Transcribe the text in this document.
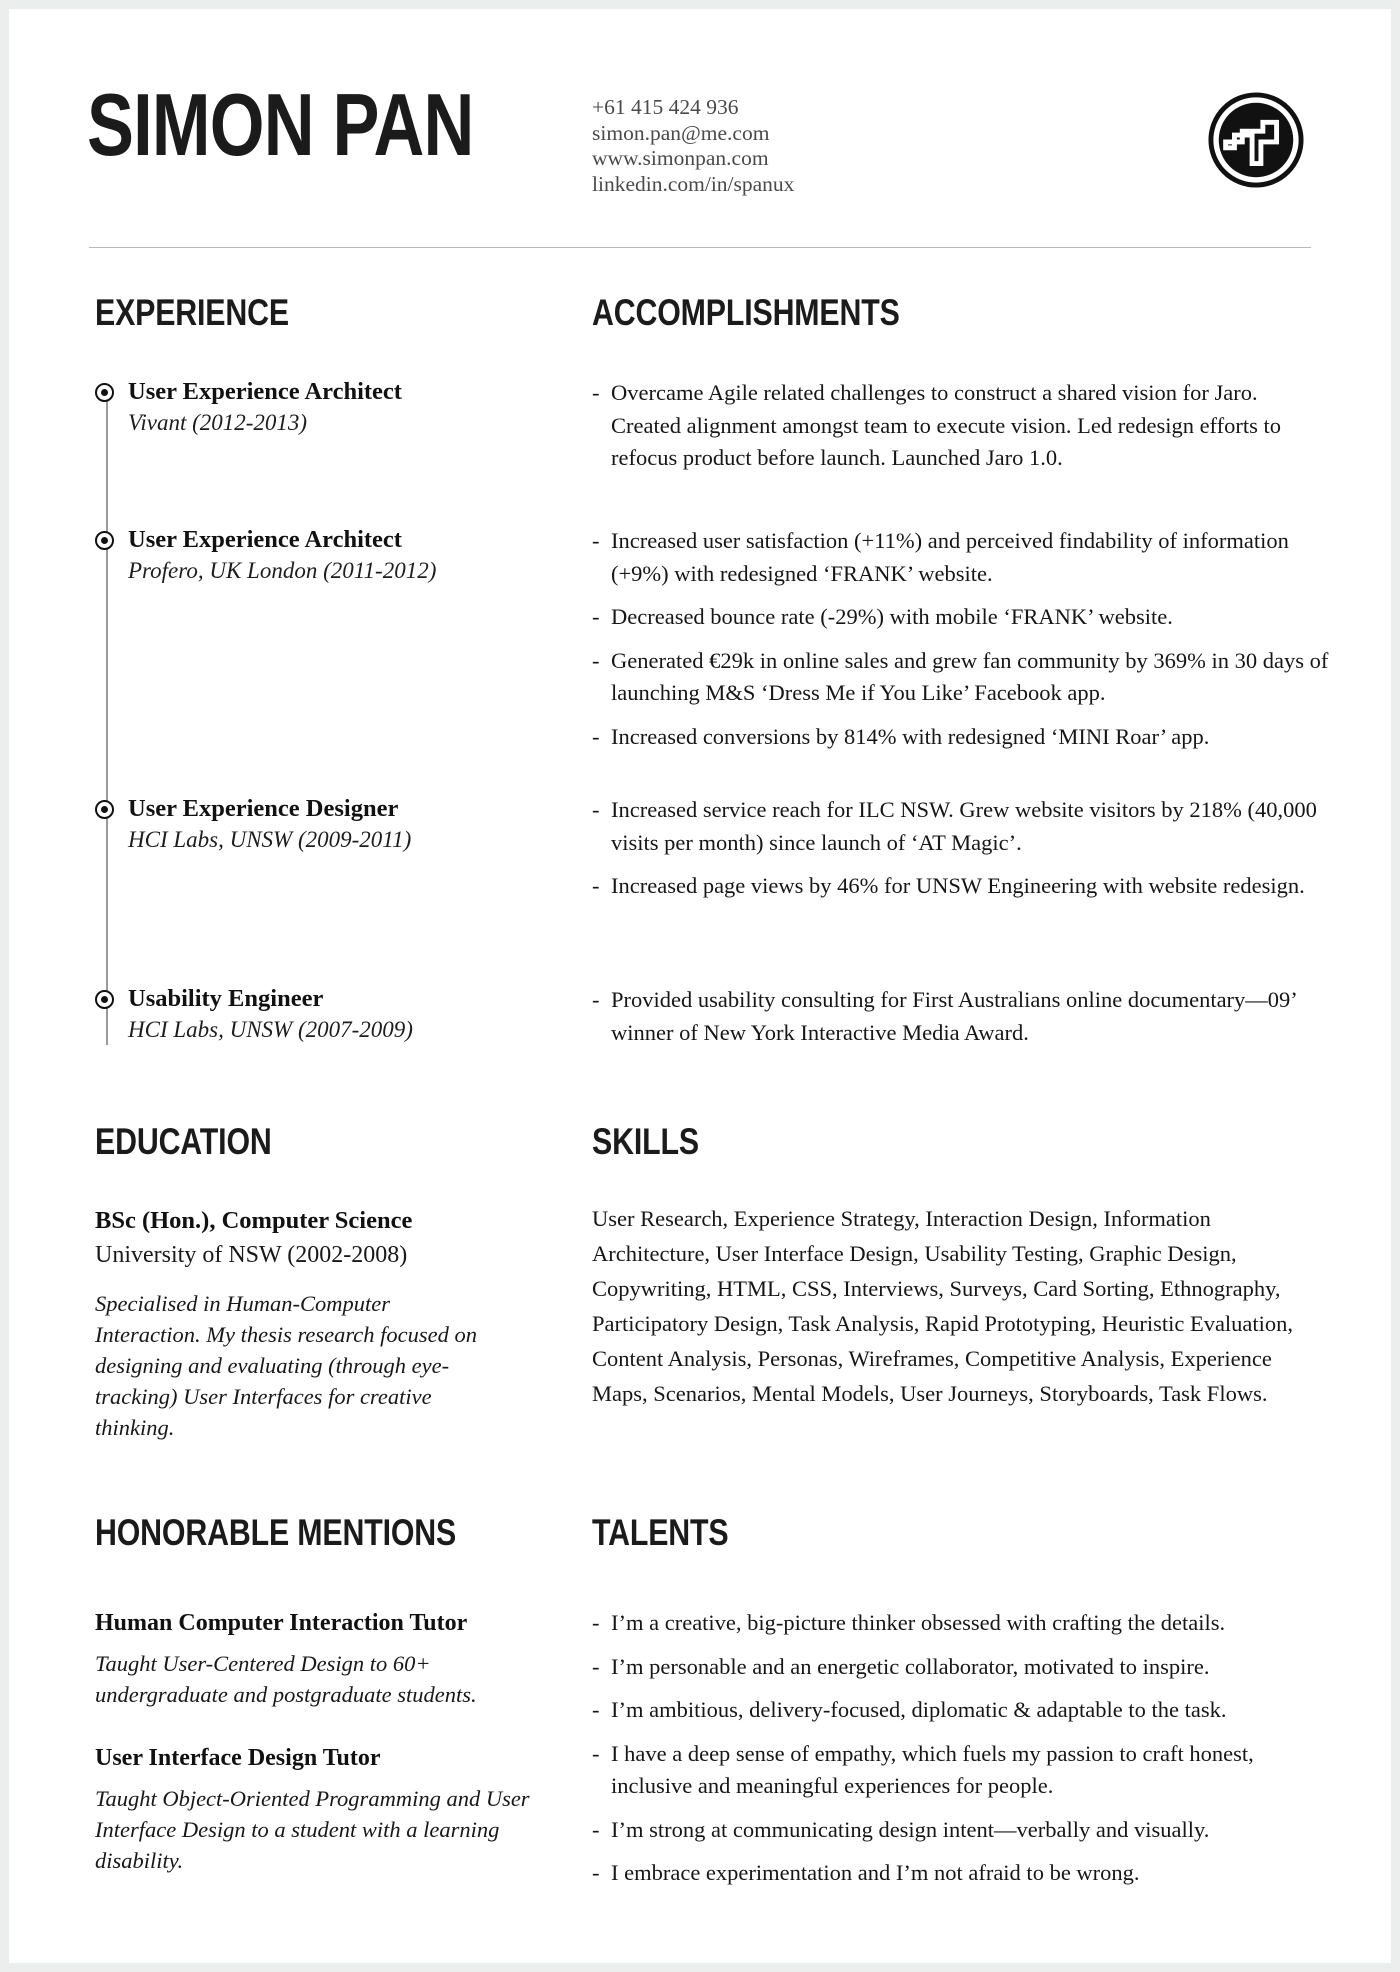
SIMON PAN	+61 415 424 936
simon.pan@me.com
www.simonpan.com
linkedin.com/in/spanux
EXPERIENCE	ACCOMPLISHMENTS
User Experience Architect
Vivant (2012-2013)
User Experience Architect
Profero, UK London (2011-2012)
User Experience Designer
HCI Labs, UNSW (2009-2011)
Usability Engineer
HCI Labs, UNSW (2007-2009)
- Overcame Agile related challenges to construct a shared vision for Jaro. Created alignment amongst team to execute vision. Led redesign efforts to refocus product before launch. Launched Jaro 1.0.
- Increased user satisfaction (+11%) and perceived findability of information (+9%) with redesigned ‘FRANK’ website.
- Decreased bounce rate (-29%) with mobile ‘FRANK’ website.
- Generated €29k in online sales and grew fan community by 369% in 30 days of launching M&S ‘Dress Me if You Like’ Facebook app.
- Increased conversions by 814% with redesigned ‘MINI Roar’ app.
- Increased service reach for ILC NSW. Grew website visitors by 218% (40,000 visits per month) since launch of ‘AT Magic’.
- Increased page views by 46% for UNSW Engineering with website redesign.
- Provided usability consulting for First Australians online documentary—09’ winner of New York Interactive Media Award.
EDUCATION
BSc (Hon.), Computer Science
University of NSW (2002-2008)
Specialised in Human-Computer Interaction. My thesis research focused on designing and evaluating (through eye-tracking) User Interfaces for creative thinking.
SKILLS
User Research, Experience Strategy, Interaction Design, Information Architecture, User Interface Design, Usability Testing, Graphic Design, Copywriting, HTML, CSS, Interviews, Surveys, Card Sorting, Ethnography, Participatory Design, Task Analysis, Rapid Prototyping, Heuristic Evaluation, Content Analysis, Personas, Wireframes, Competitive Analysis, Experience Maps, Scenarios, Mental Models, User Journeys, Storyboards, Task Flows.
HONORABLE MENTIONS
Human Computer Interaction Tutor
Taught User-Centered Design to 60+ undergraduate and postgraduate students.
User Interface Design Tutor
Taught Object-Oriented Programming and User Interface Design to a student with a learning disability.
TALENTS
- I’m a creative, big-picture thinker obsessed with crafting the details.
- I’m personable and an energetic collaborator, motivated to inspire.
- I’m ambitious, delivery-focused, diplomatic & adaptable to the task.
- I have a deep sense of empathy, which fuels my passion to craft honest, inclusive and meaningful experiences for people.
- I’m strong at communicating design intent—verbally and visually.
- I embrace experimentation and I’m not afraid to be wrong.
